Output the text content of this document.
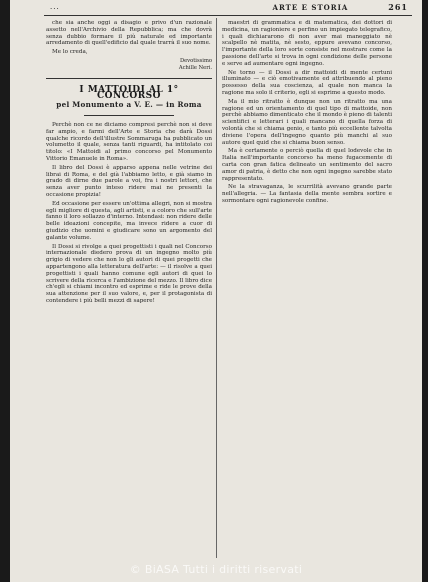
...	ARTE E STORIA	261

che sia anche oggi a disagio e privo d'un razionale assetto nell'Archivio della Repubblica; ma che dovrà senza dubbio formare il più naturale ed importante arredamento di quell'edificio dal quale trarrà il suo nome.

Me lo creda,

Devotissimo
Achille Neri.
I MATTOIDI AL 1° CONCORSO
pel Monumento a V. E. — in Roma

Perchè non ce ne diciamo compresi perchè non si deve far ampio, e farmi dell'Arte e Storia che darà Dossi qualche ricordo dell'illustre Sommaruga ha pubblicato un volumetto il quale, senza tanti riguardi, ha intitolato coi titolo: «I Mattoidi al primo concorso pel Monumento Vittorio Emanuele in Roma».

Il libro del Dossi è apparso appena nelle vetrine dei librai di Roma, e del già l'abbiamo letto, e già siamo in grado di dirne due parole a voi, fra i nostri lettori, che senza aver punto inteso ridere mai ne presenti la occasione propizia!

Ed occasione per essere un'ottima allegri, non si mostra egli migliore di questa, agli artisti, e a coloro che sull'arte fanno il loro sollazzo d'interno. Intendasi: non ridere delle belle ideazioni concepite, ma invece ridere a cuor di giudizio che uomini e giudicare sono un argomento del galante volume.

Il Dossi si rivolge a quei progettisti i quali nel Concorso internazionale diedero prova di un ingegno molto più grigio di vedere che non lo gli autori di quei progetti che appartengono alla letteratura dell'arte: — il risolve a quei progettisti i quali hanno comune egli autori di quei lo scrivere della ricerca e l'ambizione del mezzo. Il libro dice ch'egli si chiami incontro ed esprime e ride le prove della sua attenzione per il suo valore, e, per il protagonista di contendere i più belli mezzi di sapere!

maestri di grammatica e di matematica, dei dottori di medicina, un ragioniere e perfino un impiegato telegrafico, i quali dichiararono di non aver mai maneggiato nè scalpello nè matita, nè sesto, eppure avevano concorso, l'importante della loro sorte consiste nel mostrare come la passione dell'arte si trova in ogni condizione delle persone e serve ad aumentare ogni ingegno.

Ne torno — il Dossi a dir mattoidi di mente certuni illuminato — e ciò emotivamente ed attribuendo al pieno possesso della sua coscienza, al quale non manca la ragione ma solo il criterio, egli si esprime a questo modo.

Ma il mio ritratto è dunque non un ritratto ma una ragione ed un orientamento di quel tipo di mattoide, non perchè abbiamo dimenticato che il mondo è pieno di talenti scientifici e letterari i quali mancano di quella forza di volontà che si chiama genio, e tanto più eccellente talvolta diviene l'opera dell'ingegno quanto più manchi al suo autore quel quid che si chiama buon senso.

Ma è certamente o perciò quella di quel lodevole che in Italia nell'importante concorso ha meno fugacemente di carta con gran fatica delineato un sentimento del sacro amor di patria, è detto che non ogni ingegno sarebbe stato rappresentato.

Ne la stravaganza, le scurrilità avevano grande parte nell'allegria. — La fantasia della mente sembra sortire e sormontare ogni ragionevole confine.

© BiASA Tutti i diritti riservati
